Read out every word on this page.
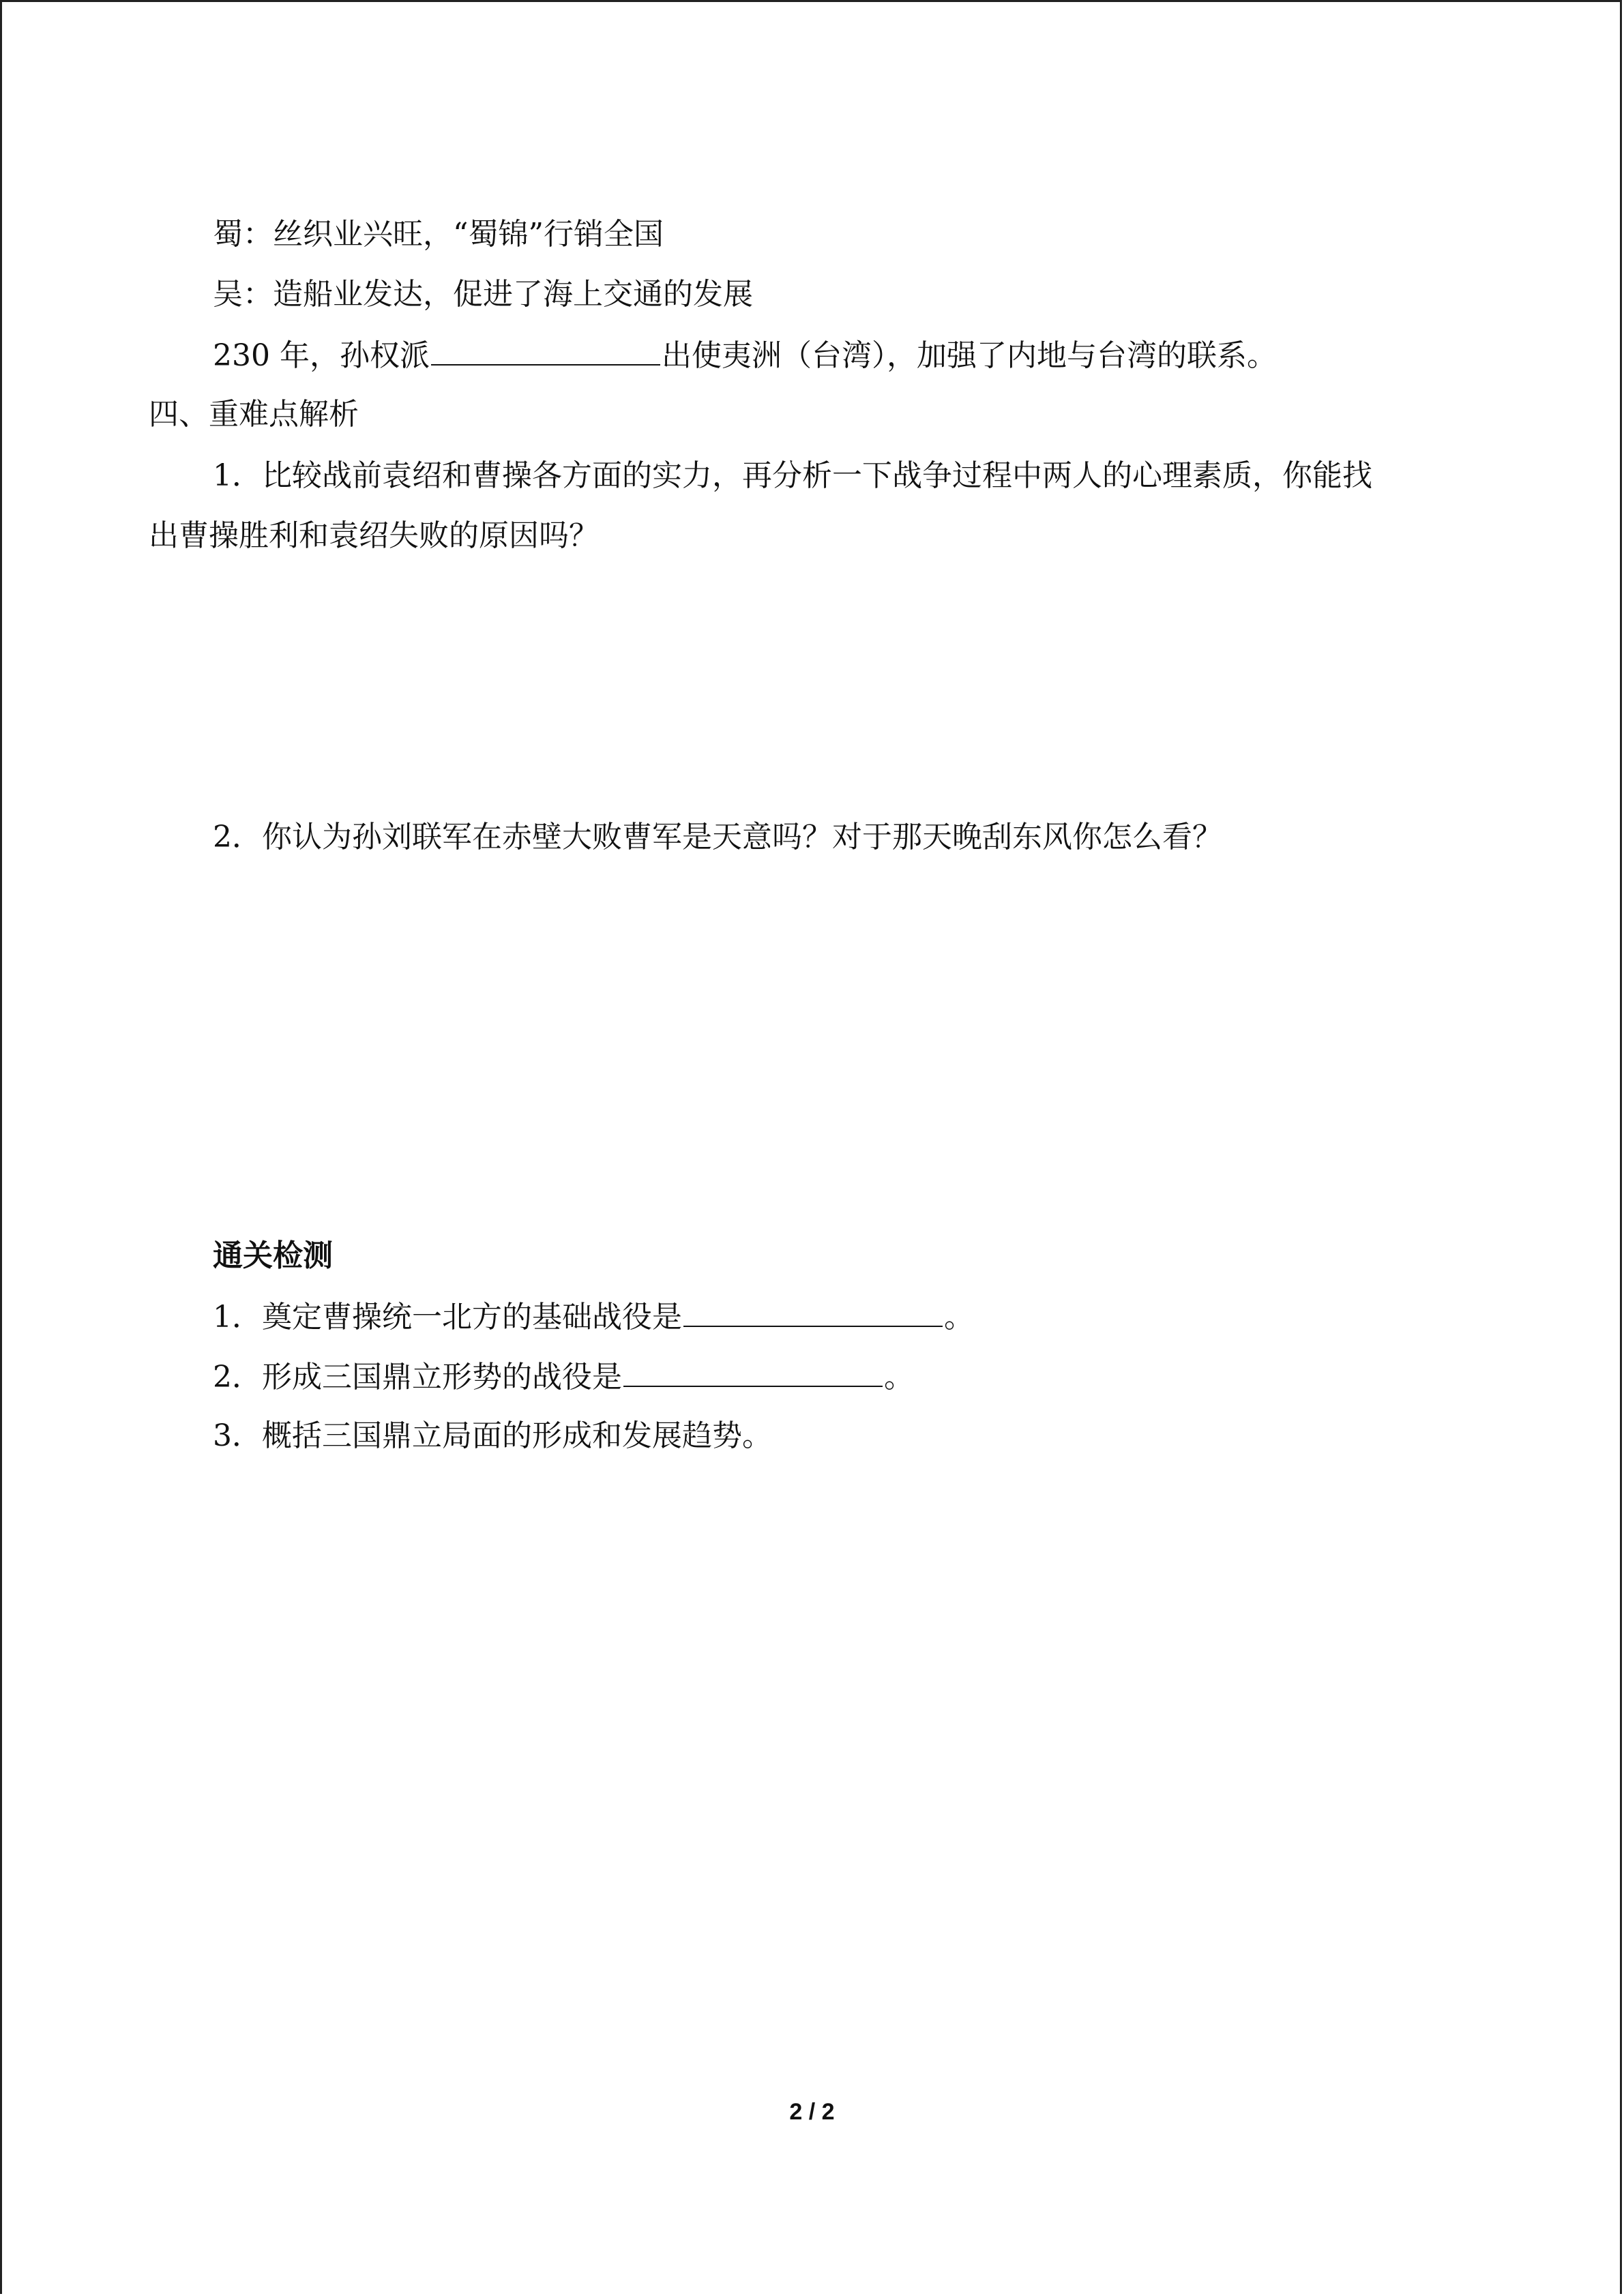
蜀：丝织业兴旺，“蜀锦”行销全国
吴：造船业发达，促进了海上交通的发展
230 年，孙权派	出使夷洲（台湾），加强了内地与台湾的联系。
四、重难点解析
1．比较战前袁绍和曹操各方面的实力，再分析一下战争过程中两人的心理素质，你能找
出曹操胜利和袁绍失败的原因吗？
2．你认为孙刘联军在赤壁大败曹军是天意吗？对于那天晚刮东风你怎么看？
通关检测
1．奠定曹操统一北方的基础战役是	。
2．形成三国鼎立形势的战役是	。
3．概括三国鼎立局面的形成和发展趋势。
2 / 2
